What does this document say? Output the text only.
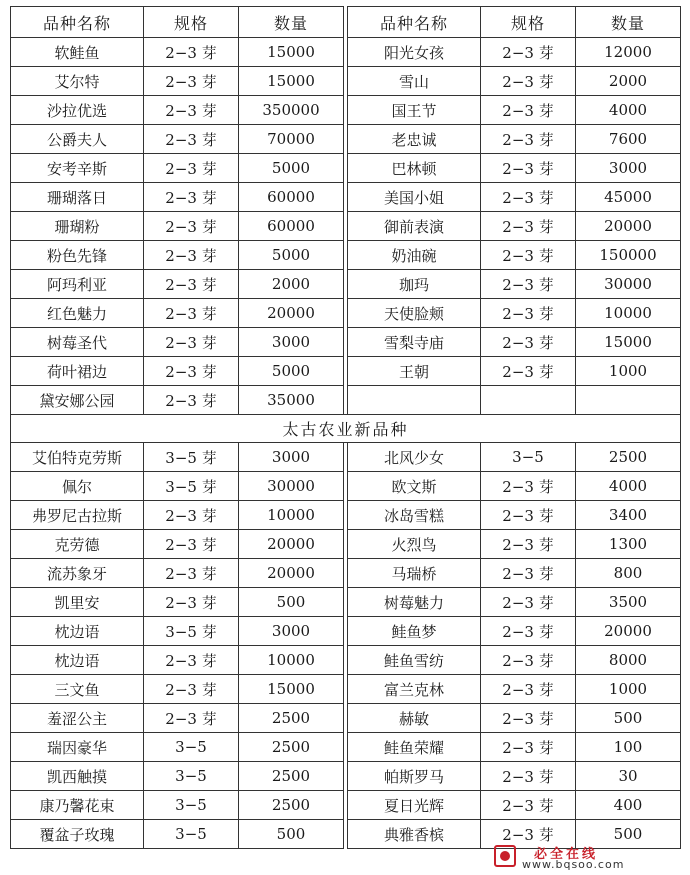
品种名称	规格	数量		品种名称	规格	数量
软鲑鱼	2−3 芽	15000		阳光女孩	2−3 芽	12000
艾尔特	2−3 芽	15000		雪山	2−3 芽	2000
沙拉优选	2−3 芽	350000		国王节	2−3 芽	4000
公爵夫人	2−3 芽	70000		老忠诚	2−3 芽	7600
安考辛斯	2−3 芽	5000		巴林顿	2−3 芽	3000
珊瑚落日	2−3 芽	60000		美国小姐	2−3 芽	45000
珊瑚粉	2−3 芽	60000		御前表演	2−3 芽	20000
粉色先锋	2−3 芽	5000		奶油碗	2−3 芽	150000
阿玛利亚	2−3 芽	2000		珈玛	2−3 芽	30000
红色魅力	2−3 芽	20000		天使脸颊	2−3 芽	10000
树莓圣代	2−3 芽	3000		雪梨寺庙	2−3 芽	15000
荷叶裙边	2−3 芽	5000		王朝	2−3 芽	1000
黛安娜公园	2−3 芽	35000				
太古农业新品种						
艾伯特克劳斯	3−5 芽	3000		北风少女	3−5	2500
佩尔	3−5 芽	30000		欧文斯	2−3 芽	4000
弗罗尼古拉斯	2−3 芽	10000		冰岛雪糕	2−3 芽	3400
克劳德	2−3 芽	20000		火烈鸟	2−3 芽	1300
流苏象牙	2−3 芽	20000		马瑞桥	2−3 芽	800
凯里安	2−3 芽	500		树莓魅力	2−3 芽	3500
枕边语	3−5 芽	3000		鲑鱼梦	2−3 芽	20000
枕边语	2−3 芽	10000		鲑鱼雪纺	2−3 芽	8000
三文鱼	2−3 芽	15000		富兰克林	2−3 芽	1000
羞涩公主	2−3 芽	2500		赫敏	2−3 芽	500
瑞因豪华	3−5	2500		鲑鱼荣耀	2−3 芽	100
凯西触摸	3−5	2500		帕斯罗马	2−3 芽	30
康乃馨花束	3−5	2500		夏日光辉	2−3 芽	400
覆盆子玫瑰	3−5	500		典雅香槟	2−3 芽	500
必全在线
www.bqsoo.com
